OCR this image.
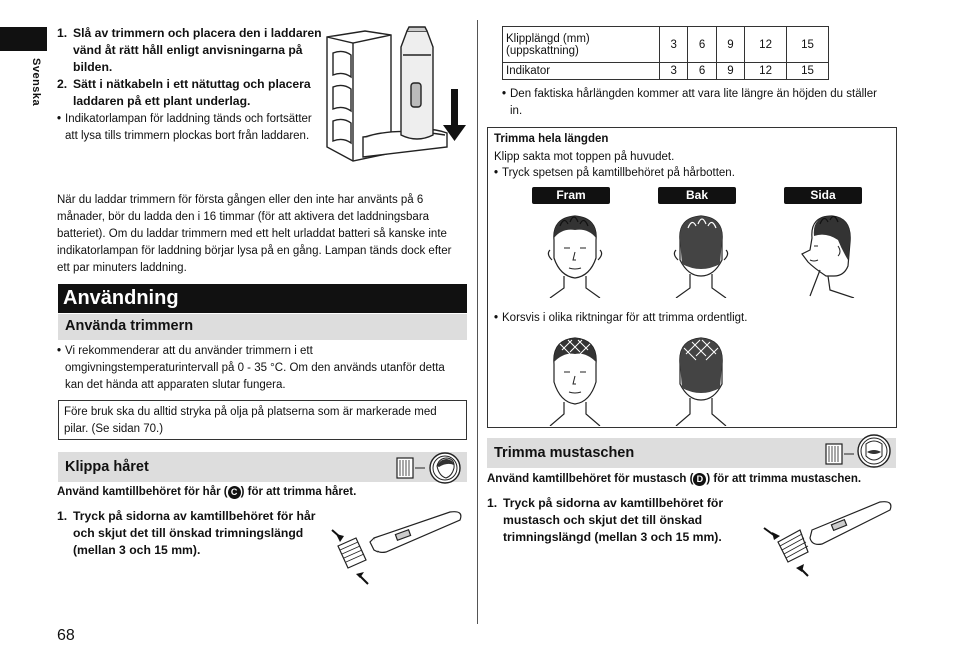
Svenska
1. Slå av trimmern och placera den i laddaren vänd åt rätt håll enligt anvisningarna på bilden.
2. Sätt i nätkabeln i ett nätuttag och placera laddaren på ett plant underlag.
• Indikatorlampan för laddning tänds och fortsätter att lysa tills trimmern plockas bort från laddaren.
När du laddar trimmern för första gången eller den inte har använts på 6 månader, bör du ladda den i 16 timmar (för att aktivera det laddningsbara batteriet). Om du laddar trimmern med ett helt urladdat batteri så kanske inte indikatorlampan för laddning börjar lysa på en gång. Lampan tänds dock efter ett par minuters laddning.
Användning
Använda trimmern
• Vi rekommenderar att du använder trimmern i ett omgivningstemperaturintervall på 0 - 35 °C. Om den används utanför detta kan det hända att apparaten slutar fungera.
Före bruk ska du alltid stryka på olja på platserna som är markerade med pilar. (Se sidan 70.)
Klippa håret
Använd kamtillbehöret för hår ( C ) för att trimma håret.
1. Tryck på sidorna av kamtillbehöret för hår och skjut det till önskad trimningslängd (mellan 3 och 15 mm).
Klipplängd (mm) (uppskattning)	3	6	9	12	15
Indikator	3	6	9	12	15
• Den faktiska hårlängden kommer att vara lite längre än höjden du ställer in.
Trimma hela längden
Klipp sakta mot toppen på huvudet.
• Tryck spetsen på kamtillbehöret på hårbotten.
Fram	Bak	Sida
• Korsvis i olika riktningar för att trimma ordentligt.
Trimma mustaschen
Använd kamtillbehöret för mustasch ( D ) för att trimma mustaschen.
1. Tryck på sidorna av kamtillbehöret för mustasch och skjut det till önskad trimningslängd (mellan 3 och 15 mm).
68
